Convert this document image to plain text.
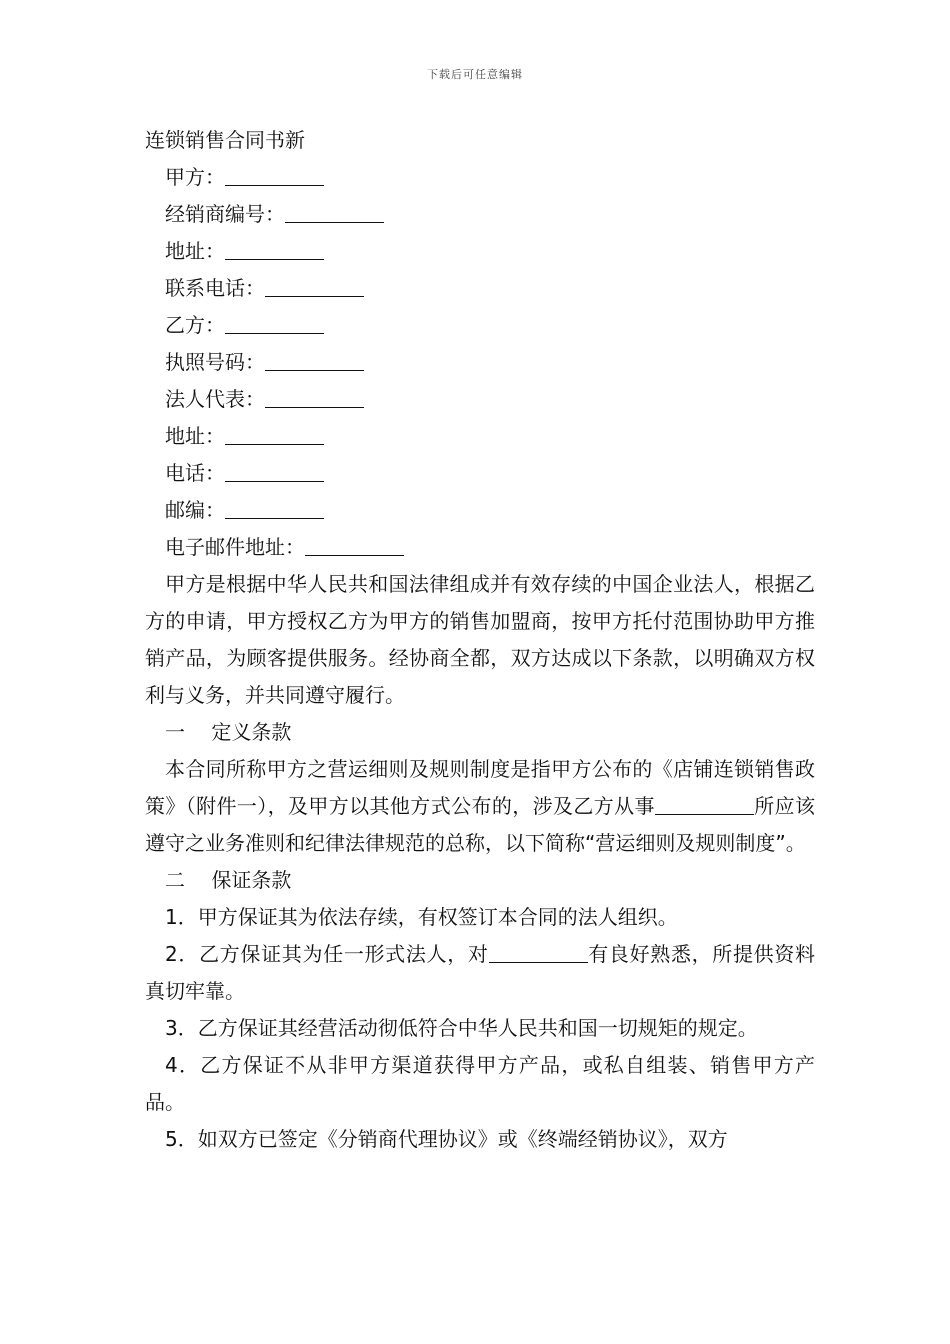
下载后可任意编辑
连锁销售合同书新
甲方：
经销商编号：
地址：
联系电话：
乙方：
执照号码：
法人代表：
地址：
电话：
邮编：
电子邮件地址：
甲方是根据中华人民共和国法律组成并有效存续的中国企业法人，根据乙方的申请，甲方授权乙方为甲方的销售加盟商，按甲方托付范围协助甲方推销产品，为顾客提供服务。经协商全都，双方达成以下条款，以明确双方权利与义务，并共同遵守履行。
一　 定义条款
本合同所称甲方之营运细则及规则制度是指甲方公布的《店铺连锁销售政策》（附件一），及甲方以其他方式公布的，涉及乙方从事	所应该遵守之业务准则和纪律法律规范的总称，以下简称“营运细则及规则制度”。
二　 保证条款
1．甲方保证其为依法存续，有权签订本合同的法人组织。
2．乙方保证其为任一形式法人，对	有良好熟悉，所提供资料真切牢靠。
3．乙方保证其经营活动彻低符合中华人民共和国一切规矩的规定。
4．乙方保证不从非甲方渠道获得甲方产品，或私自组装、销售甲方产品。
5．如双方已签定《分销商代理协议》或《终端经销协议》，双方
